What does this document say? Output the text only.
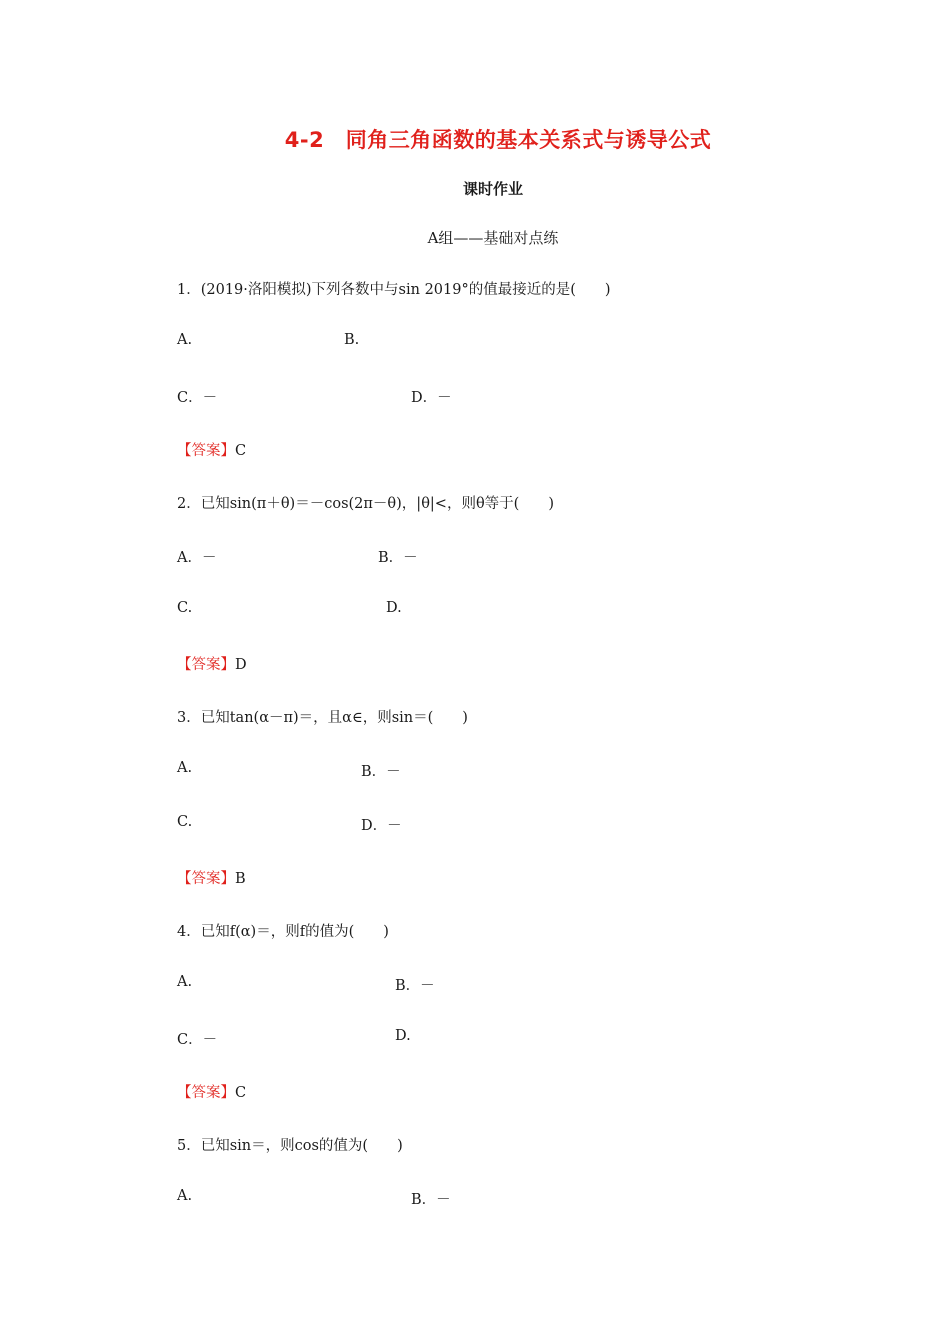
4-2　同角三角函数的基本关系式与诱导公式
课时作业
A组——基础对点练
1．(2019·洛阳模拟)下列各数中与sin 2019°的值最接近的是(　　)
A.	B.
C．－	D．－
【答案】C
2．已知sin(π＋θ)＝－cos(2π－θ)，|θ|<，则θ等于(　　)
A．－	B．－
C.	D.
【答案】D
3．已知tan(α－π)＝，且α∈，则sin＝(　　)
A.	B．－
C.	D．－
【答案】B
4．已知f(α)＝，则f的值为(　　)
A.	B．－
C．－	D.
【答案】C
5．已知sin＝，则cos的值为(　　)
A.	B．－
